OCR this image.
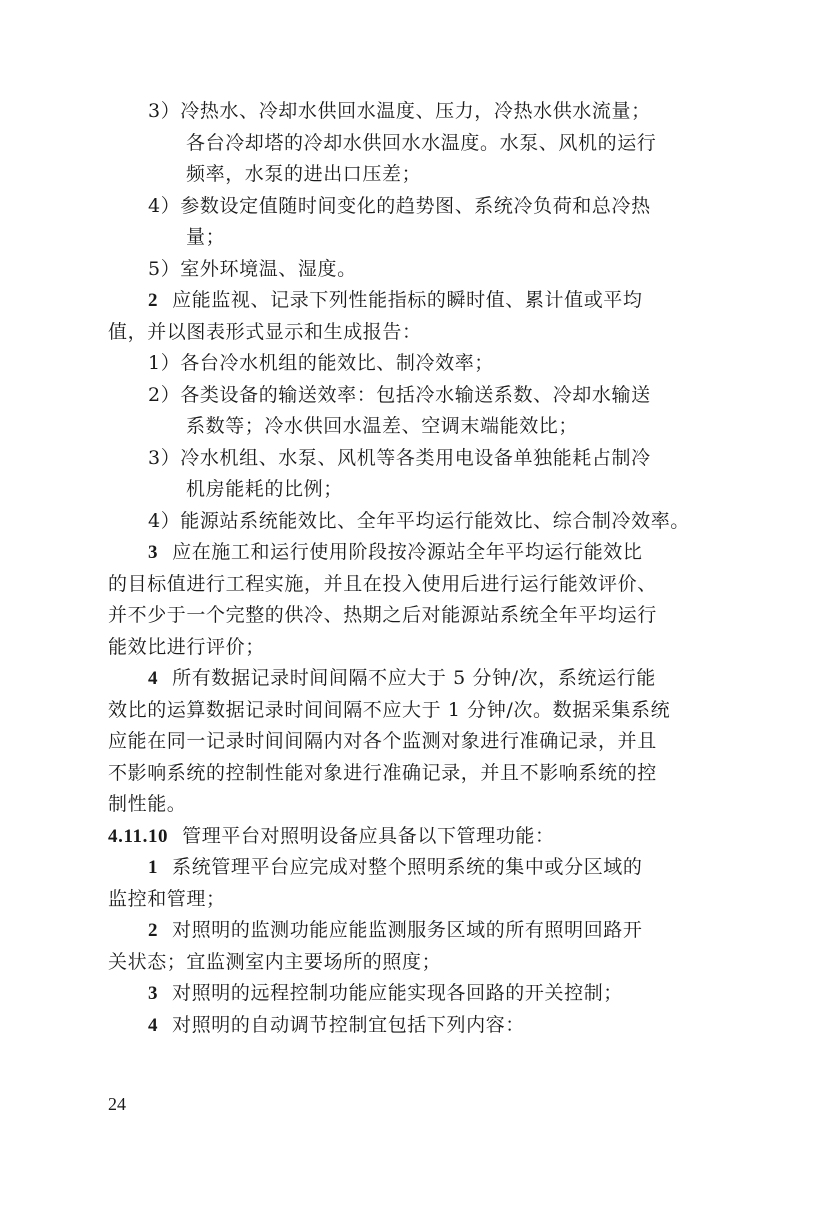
3）冷热水、冷却水供回水温度、压力，冷热水供水流量；
各台冷却塔的冷却水供回水水温度。水泵、风机的运行
频率，水泵的进出口压差；
4）参数设定值随时间变化的趋势图、系统冷负荷和总冷热
量；
5）室外环境温、湿度。
2 应能监视、记录下列性能指标的瞬时值、累计值或平均
值，并以图表形式显示和生成报告：
1）各台冷水机组的能效比、制冷效率；
2）各类设备的输送效率：包括冷水输送系数、冷却水输送
系数等；冷水供回水温差、空调末端能效比；
3）冷水机组、水泵、风机等各类用电设备单独能耗占制冷
机房能耗的比例；
4）能源站系统能效比、全年平均运行能效比、综合制冷效率。
3 应在施工和运行使用阶段按冷源站全年平均运行能效比
的目标值进行工程实施，并且在投入使用后进行运行能效评价、
并不少于一个完整的供冷、热期之后对能源站系统全年平均运行
能效比进行评价；
4 所有数据记录时间间隔不应大于 5 分钟/次，系统运行能
效比的运算数据记录时间间隔不应大于 1 分钟/次。数据采集系统
应能在同一记录时间间隔内对各个监测对象进行准确记录，并且
不影响系统的控制性能对象进行准确记录，并且不影响系统的控
制性能。
4.11.10 管理平台对照明设备应具备以下管理功能：
1 系统管理平台应完成对整个照明系统的集中或分区域的
监控和管理；
2 对照明的监测功能应能监测服务区域的所有照明回路开
关状态；宜监测室内主要场所的照度；
3 对照明的远程控制功能应能实现各回路的开关控制；
4 对照明的自动调节控制宜包括下列内容：
24
